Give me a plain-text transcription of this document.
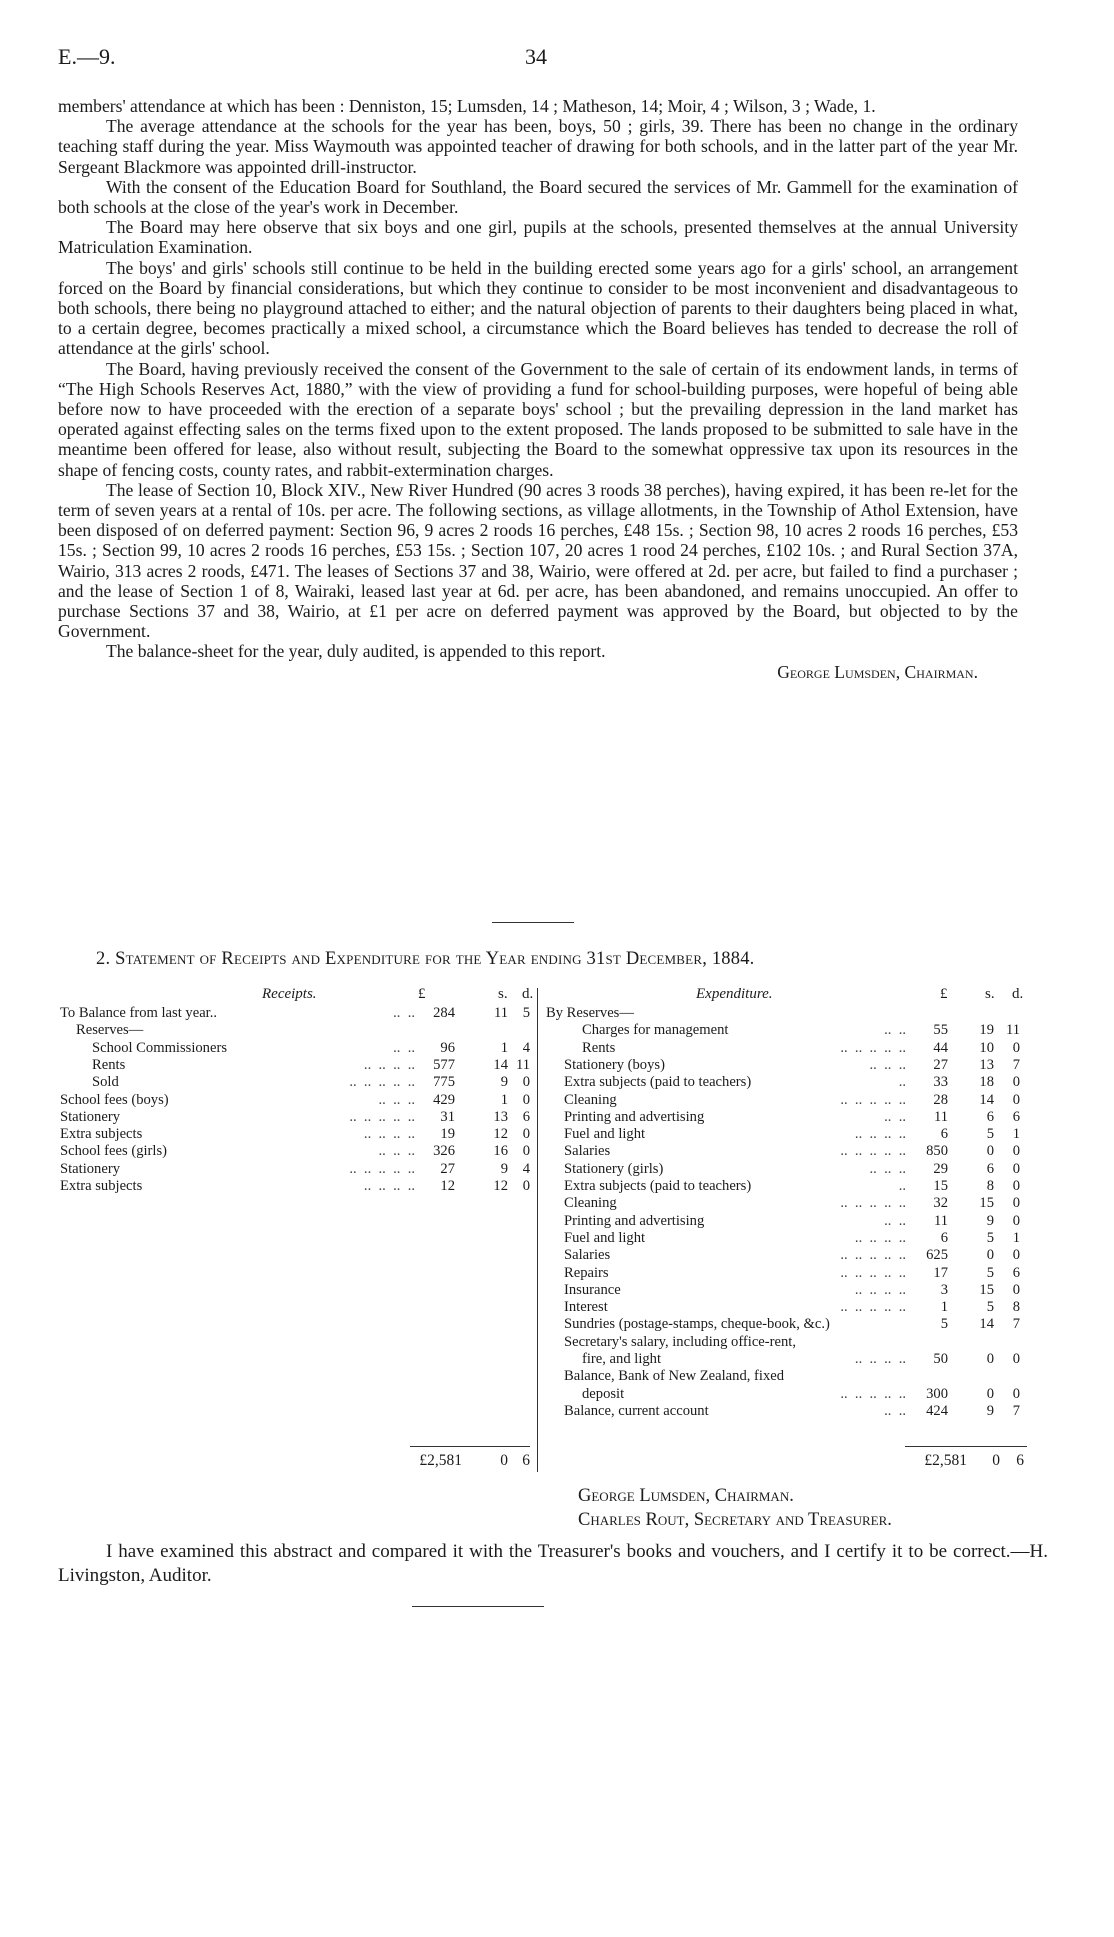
E.—9.	34

members' attendance at which has been : Denniston, 15; Lumsden, 14 ; Matheson, 14; Moir, 4 ; Wilson, 3 ; Wade, 1.

The average attendance at the schools for the year has been, boys, 50 ; girls, 39. There has been no change in the ordinary teaching staff during the year. Miss Waymouth was appointed teacher of drawing for both schools, and in the latter part of the year Mr. Sergeant Blackmore was appointed drill-instructor.

With the consent of the Education Board for Southland, the Board secured the services of Mr. Gammell for the examination of both schools at the close of the year's work in December.

The Board may here observe that six boys and one girl, pupils at the schools, presented themselves at the annual University Matriculation Examination.

The boys' and girls' schools still continue to be held in the building erected some years ago for a girls' school, an arrangement forced on the Board by financial considerations, but which they continue to consider to be most inconvenient and disadvantageous to both schools, there being no playground attached to either; and the natural objection of parents to their daughters being placed in what, to a certain degree, becomes practically a mixed school, a circumstance which the Board believes has tended to decrease the roll of attendance at the girls' school.

The Board, having previously received the consent of the Government to the sale of certain of its endowment lands, in terms of “The High Schools Reserves Act, 1880,” with the view of providing a fund for school-building purposes, were hopeful of being able before now to have proceeded with the erection of a separate boys' school ; but the prevailing depression in the land market has operated against effecting sales on the terms fixed upon to the extent proposed. The lands proposed to be submitted to sale have in the meantime been offered for lease, also without result, subjecting the Board to the somewhat oppressive tax upon its resources in the shape of fencing costs, county rates, and rabbit-extermination charges.

The lease of Section 10, Block XIV., New River Hundred (90 acres 3 roods 38 perches), having expired, it has been re-let for the term of seven years at a rental of 10s. per acre. The following sections, as village allotments, in the Township of Athol Extension, have been disposed of on deferred payment: Section 96, 9 acres 2 roods 16 perches, £48 15s. ; Section 98, 10 acres 2 roods 16 perches, £53 15s. ; Section 99, 10 acres 2 roods 16 perches, £53 15s. ; Section 107, 20 acres 1 rood 24 perches, £102 10s. ; and Rural Section 37A, Wairio, 313 acres 2 roods, £471. The leases of Sections 37 and 38, Wairio, were offered at 2d. per acre, but failed to find a purchaser ; and the lease of Section 1 of 8, Wairaki, leased last year at 6d. per acre, has been abandoned, and remains unoccupied. An offer to purchase Sections 37 and 38, Wairio, at £1 per acre on deferred payment was approved by the Board, but objected to by the Government.

The balance-sheet for the year, duly audited, is appended to this report.

George Lumsden, Chairman.

2. Statement of Receipts and Expenditure for the Year ending 31st December, 1884.
Receipts.	£	s. d.	Expenditure.	£	s. d.
To Balance from last year..	..  ..	284	11	5
Reserves—
School Commissioners	..  ..	96	1	4
Rents	..  ..  ..  ..	577	14 11
Sold	..  ..  ..  ..  ..	775	9	0
School fees (boys)	..  ..  ..	429	1	0
Stationery	..  ..  ..  ..  ..	31	13	6
Extra subjects	..  ..  ..  ..	19	12	0
School fees (girls)	..  ..  ..	326	16	0
Stationery	..  ..  ..  ..  ..	27	9	4
Extra subjects	..  ..  ..  ..	12	12	0
By Reserves—
Charges for management	..  ..	55	19 11
Rents	..  ..  ..  ..  ..	44	10	0
Stationery (boys)	..  ..  ..	27	13	7
Extra subjects (paid to teachers)	..	33	18	0
Cleaning	..  ..  ..  ..  ..	28	14	0
Printing and advertising	..  ..	11	6	6
Fuel and light	..  ..  ..  ..	6	5	1
Salaries	..  ..  ..  ..  ..	850	0	0
Stationery (girls)	..  ..  ..	29	6	0
Extra subjects (paid to teachers)	..	15	8	0
Cleaning	..  ..  ..  ..  ..	32	15	0
Printing and advertising	..  ..	11	9	0
Fuel and light	..  ..  ..  ..	6	5	1
Salaries	..  ..  ..  ..  ..	625	0	0
Repairs	..  ..  ..  ..  ..	17	5	6
Insurance	..  ..  ..  ..	3	15	0
Interest	..  ..  ..  ..  ..	1	5	8
Sundries (postage-stamps, cheque-book, &c.)	5	14	7
Secretary's salary, including office-rent,
fire, and light	..  ..  ..  ..	50	0	0
Balance, Bank of New Zealand, fixed
deposit	..  ..  ..  ..  ..	300	0	0
Balance, current account	..  ..	424	9	7
£2,581	0 6	£2,581	0	6
George Lumsden, Chairman.
Charles Rout, Secretary and Treasurer.

I have examined this abstract and compared it with the Treasurer's books and vouchers, and I certify it to be correct.—H. Livingston, Auditor.
